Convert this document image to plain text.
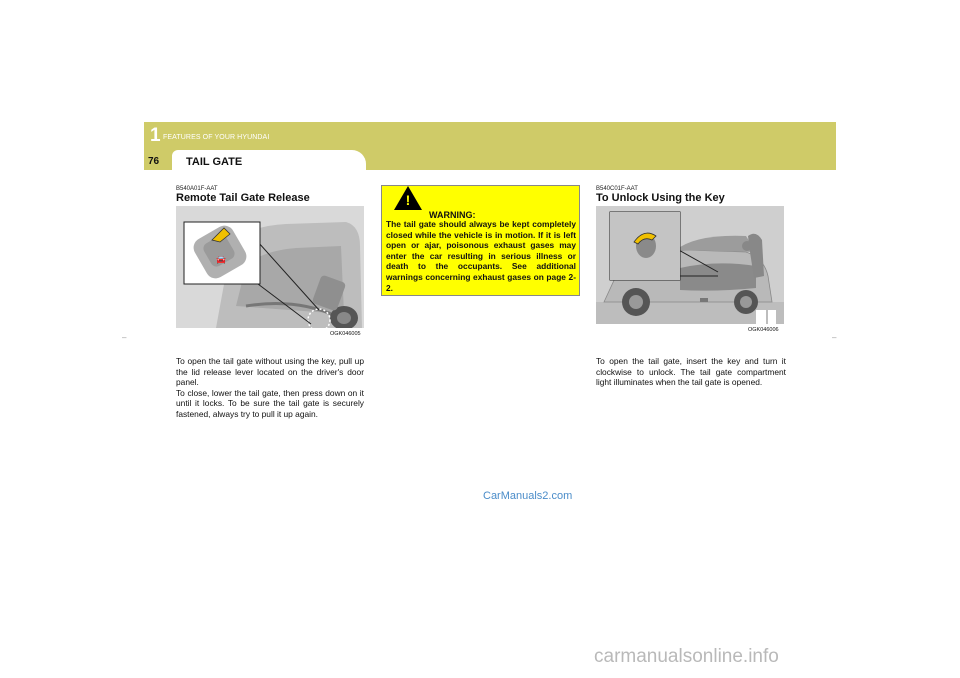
1 FEATURES OF YOUR HYUNDAI
76	TAIL GATE
–	–
B540A01F-AAT
Remote Tail Gate Release
🚘
OGK046005
To open the tail gate without using the key, pull up the lid release lever located on the driver's door panel.
To close, lower the tail gate, then press down on it until it locks. To be sure the tail gate is securely fastened, always try to pull it up again.
!
WARNING:
The tail gate should always be kept completely closed while the vehicle is in motion. If it is left open or ajar, poisonous exhaust gases may enter the car resulting in serious illness or death to the occupants. See additional warnings concerning exhaust gases on page 2-2.
B540C01F-AAT
To Unlock Using the Key
OGK046006
To open the tail gate, insert the key and turn it clockwise to unlock. The tail gate compartment light illuminates when the tail gate is opened.
CarManuals2.com
carmanualsonline.info
